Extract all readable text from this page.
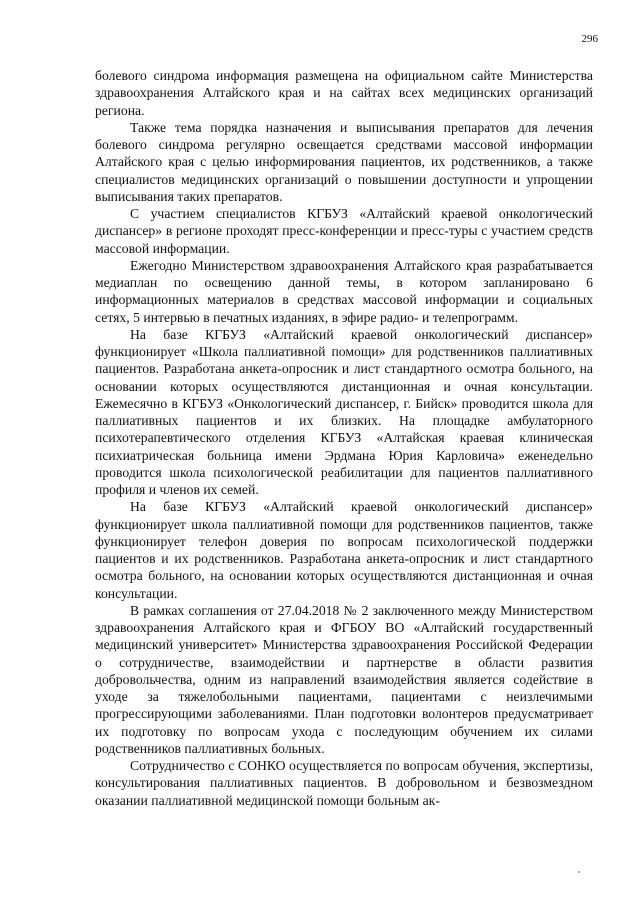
296

болевого синдрома информация размещена на официальном сайте Министерства здравоохранения Алтайского края и на сайтах всех медицинских организаций региона.

Также тема порядка назначения и выписывания препаратов для лечения болевого синдрома регулярно освещается средствами массовой информации Алтайского края с целью информирования пациентов, их родственников, а также специалистов медицинских организаций о повышении доступности и упрощении выписывания таких препаратов.

С участием специалистов КГБУЗ «Алтайский краевой онкологический диспансер» в регионе проходят пресс-конференции и пресс-туры с участием средств массовой информации.

Ежегодно Министерством здравоохранения Алтайского края разрабатывается медиаплан по освещению данной темы, в котором запланировано 6 информационных материалов в средствах массовой информации и социальных сетях, 5 интервью в печатных изданиях, в эфире радио- и телепрограмм.

На базе КГБУЗ «Алтайский краевой онкологический диспансер» функционирует «Школа паллиативной помощи» для родственников паллиативных пациентов. Разработана анкета-опросник и лист стандартного осмотра больного, на основании которых осуществляются дистанционная и очная консультации. Ежемесячно в КГБУЗ «Онкологический диспансер, г. Бийск» проводится школа для паллиативных пациентов и их близких. На площадке амбулаторного психотерапевтического отделения КГБУЗ «Алтайская краевая клиническая психиатрическая больница имени Эрдмана Юрия Карловича» еженедельно проводится школа психологической реабилитации для пациентов паллиативного профиля и членов их семей.

На базе КГБУЗ «Алтайский краевой онкологический диспансер» функционирует школа паллиативной помощи для родственников пациентов, также функционирует телефон доверия по вопросам психологической поддержки пациентов и их родственников. Разработана анкета-опросник и лист стандартного осмотра больного, на основании которых осуществляются дистанционная и очная консультации.

В рамках соглашения от 27.04.2018 № 2 заключенного между Министерством здравоохранения Алтайского края и ФГБОУ ВО «Алтайский государственный медицинский университет» Министерства здравоохранения Российской Федерации о сотрудничестве, взаимодействии и партнерстве в области развития добровольчества, одним из направлений взаимодействия является содействие в уходе за тяжелобольными пациентами, пациентами с неизлечимыми прогрессирующими заболеваниями. План подготовки волонтеров предусматривает их подготовку по вопросам ухода с последующим обучением их силами родственников паллиативных больных.

Сотрудничество с СОНКО осуществляется по вопросам обучения, экспертизы, консультирования паллиативных пациентов. В добровольном и безвозмездном оказании паллиативной медицинской помощи больным ак-
